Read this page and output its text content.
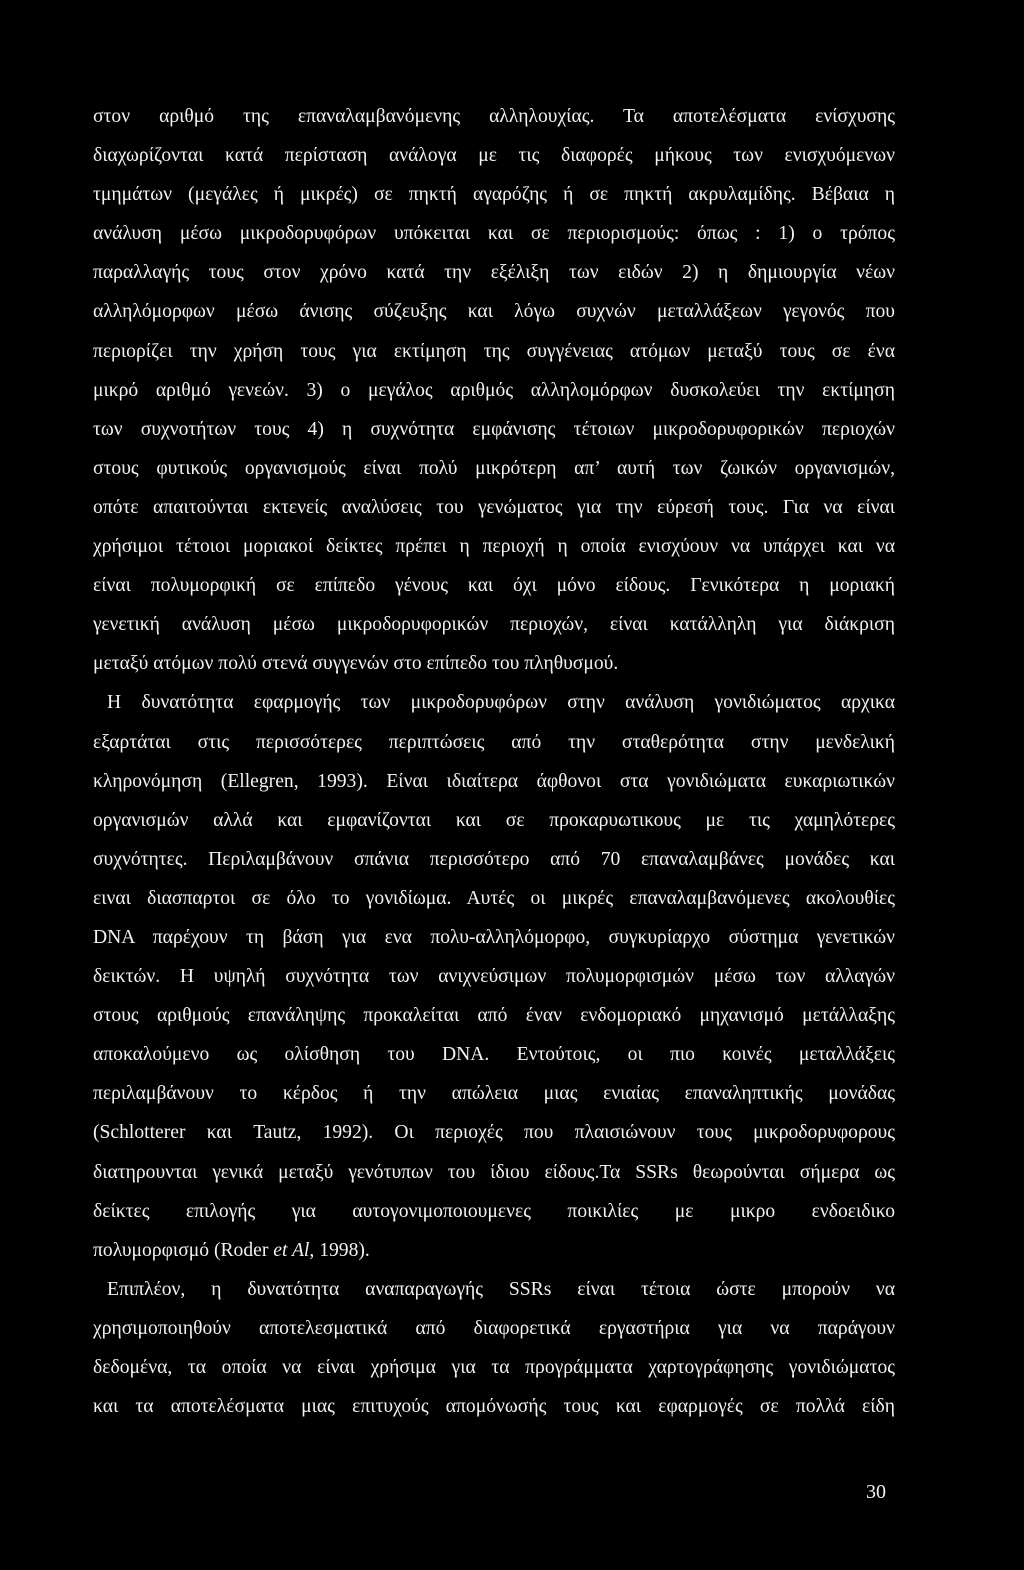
στον αριθμό της επαναλαμβανόμενης αλληλουχίας. Τα αποτελέσματα ενίσχυσης
διαχωρίζονται κατά περίσταση ανάλογα με τις διαφορές μήκους των ενισχυόμενων
τμημάτων (μεγάλες ή μικρές) σε πηκτή αγαρόζης ή σε πηκτή ακρυλαμίδης. Βέβαια η
ανάλυση μέσω μικροδορυφόρων υπόκειται και σε περιορισμούς: όπως : 1) ο τρόπος
παραλλαγής τους στον χρόνο κατά την εξέλιξη των ειδών 2) η δημιουργία νέων
αλληλόμορφων μέσω άνισης σύζευξης και λόγω συχνών μεταλλάξεων γεγονός που
περιορίζει την χρήση τους για εκτίμηση της συγγένειας ατόμων μεταξύ τους σε ένα
μικρό αριθμό γενεών. 3) ο μεγάλος αριθμός αλληλομόρφων δυσκολεύει την εκτίμηση
των συχνοτήτων τους 4) η συχνότητα εμφάνισης τέτοιων μικροδορυφορικών περιοχών
στους φυτικούς οργανισμούς είναι πολύ μικρότερη απ’ αυτή των ζωικών οργανισμών,
οπότε απαιτούνται εκτενείς αναλύσεις του γενώματος για την εύρεσή τους. Για να είναι
χρήσιμοι τέτοιοι μοριακοί δείκτες πρέπει η περιοχή η οποία ενισχύουν να υπάρχει και να
είναι πολυμορφική σε επίπεδο γένους και όχι μόνο είδους. Γενικότερα η μοριακή
γενετική ανάλυση μέσω μικροδορυφορικών περιοχών, είναι κατάλληλη για διάκριση
μεταξύ ατόμων πολύ στενά συγγενών στο επίπεδο του πληθυσμού.
Η δυνατότητα εφαρμογής των μικροδορυφόρων στην ανάλυση γονιδιώματος αρχικα
εξαρτάται στις περισσότερες περιπτώσεις από την σταθερότητα στην μενδελική
κληρονόμηση (Ellegren, 1993). Είναι ιδιαίτερα άφθονοι στα γονιδιώματα ευκαριωτικών
οργανισμών αλλά και εμφανίζονται και σε προκαρυωτικους με τις χαμηλότερες
συχνότητες. Περιλαμβάνουν σπάνια περισσότερο από 70 επαναλαμβάνες μονάδες και
ειναι διασπαρτοι σε όλο το γονιδίωμα. Αυτές οι μικρές επαναλαμβανόμενες ακολουθίες
DNA παρέχουν τη βάση για ενα πολυ-αλληλόμορφο, συγκυρίαρχο σύστημα γενετικών
δεικτών. Η υψηλή συχνότητα των ανιχνεύσιμων πολυμορφισμών μέσω των αλλαγών
στους αριθμούς επανάληψης προκαλείται από έναν ενδομοριακό μηχανισμό μετάλλαξης
αποκαλούμενο ως ολίσθηση του DNA. Εντούτοις, οι πιο κοινές μεταλλάξεις
περιλαμβάνουν το κέρδος ή την απώλεια μιας ενιαίας επαναληπτικής μονάδας
(Schlotterer και Tautz, 1992). Οι περιοχές που πλαισιώνουν τους μικροδορυφορους
διατηρουνται γενικά μεταξύ γενότυπων του ίδιου είδους.Τα SSRs θεωρούνται σήμερα ως
δείκτες επιλογής για αυτογονιμοποιουμενες ποικιλίες με μικρο ενδοειδικο
πολυμορφισμό (Roder et Al, 1998).
Επιπλέον, η δυνατότητα αναπαραγωγής SSRs είναι τέτοια ώστε μπορούν να
χρησιμοποιηθούν αποτελεσματικά από διαφορετικά εργαστήρια για να παράγουν
δεδομένα, τα οποία να είναι χρήσιμα για τα προγράμματα χαρτογράφησης γονιδιώματος
και τα αποτελέσματα μιας επιτυχούς απομόνωσής τους και εφαρμογές σε πολλά είδη
30
